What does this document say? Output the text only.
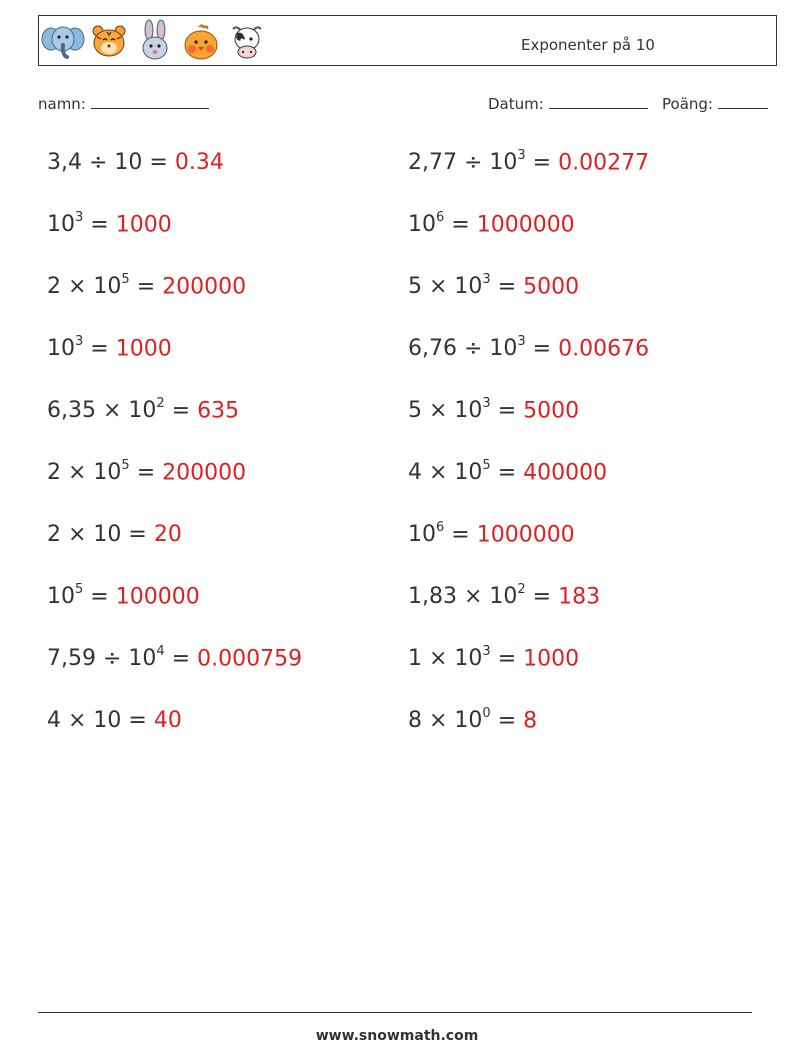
Exponenter på 10
namn:	Datum:	Poäng:
3,4 ÷ 10 = 0.34
$10^3 = 1000$
$2 \times 10^5 = 200000$
$10^3 = 1000$
$6,35 \times 10^2 = 635$
$2 \times 10^5 = 200000$
2 × 10 = 20
$10^5 = 100000$
$7,59 \div 10^4 = 0.000759$
4 × 10 = 40
$2,77 \div 10^3 = 0.00277$
$10^6 = 1000000$
$5 \times 10^3 = 5000$
$6,76 \div 10^3 = 0.00676$
$5 \times 10^3 = 5000$
$4 \times 10^5 = 400000$
$10^6 = 1000000$
$1,83 \times 10^2 = 183$
$1 \times 10^3 = 1000$
$8 \times 10^0 = 8$
www.snowmath.com
